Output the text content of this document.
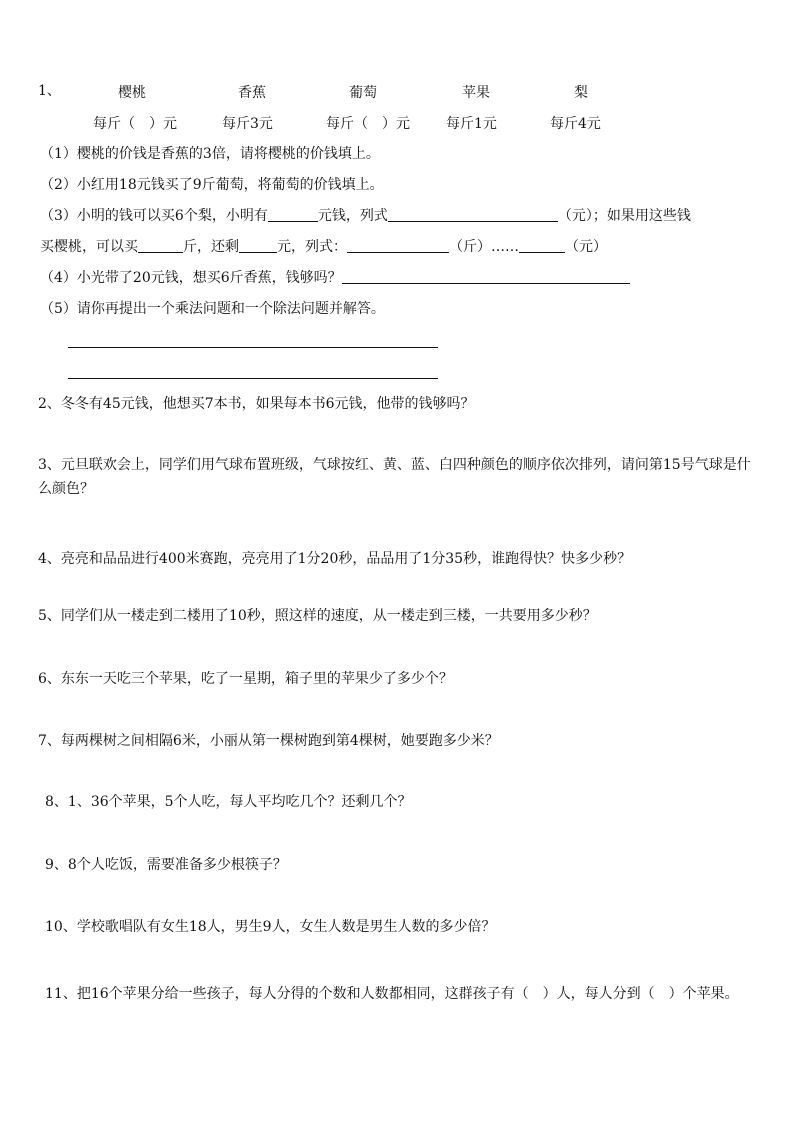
1、	樱桃	香蕉	葡萄	苹果	梨
每斤（　）元	每斤3元	每斤（　）元	每斤1元	每斤4元
（1）樱桃的价钱是香蕉的3倍，请将樱桃的价钱填上。
（2）小红用18元钱买了9斤葡萄，将葡萄的价钱填上。
（3）小明的钱可以买6个梨，小明有	元钱，列式	（元）；如果用这些钱
买樱桃，可以买	斤，还剩	元，列式：	（斤）……	（元）
（4）小光带了20元钱，想买6斤香蕉，钱够吗？
（5）请你再提出一个乘法问题和一个除法问题并解答。
2、冬冬有45元钱，他想买7本书，如果每本书6元钱，他带的钱够吗？
3、元旦联欢会上，同学们用气球布置班级，气球按红、黄、蓝、白四种颜色的顺序依次排列，请问第15号气球是什么颜色？
4、亮亮和品品进行400米赛跑，亮亮用了1分20秒，品品用了1分35秒，谁跑得快？快多少秒？
5、同学们从一楼走到二楼用了10秒，照这样的速度，从一楼走到三楼，一共要用多少秒？
6、东东一天吃三个苹果，吃了一星期，箱子里的苹果少了多少个？
7、每两棵树之间相隔6米，小丽从第一棵树跑到第4棵树，她要跑多少米？
8、1、36个苹果，5个人吃，每人平均吃几个？还剩几个？
9、8个人吃饭，需要准备多少根筷子？
10、学校歌唱队有女生18人，男生9人，女生人数是男生人数的多少倍？
11、把16个苹果分给一些孩子，每人分得的个数和人数都相同，这群孩子有（　）人，每人分到（　）个苹果。
